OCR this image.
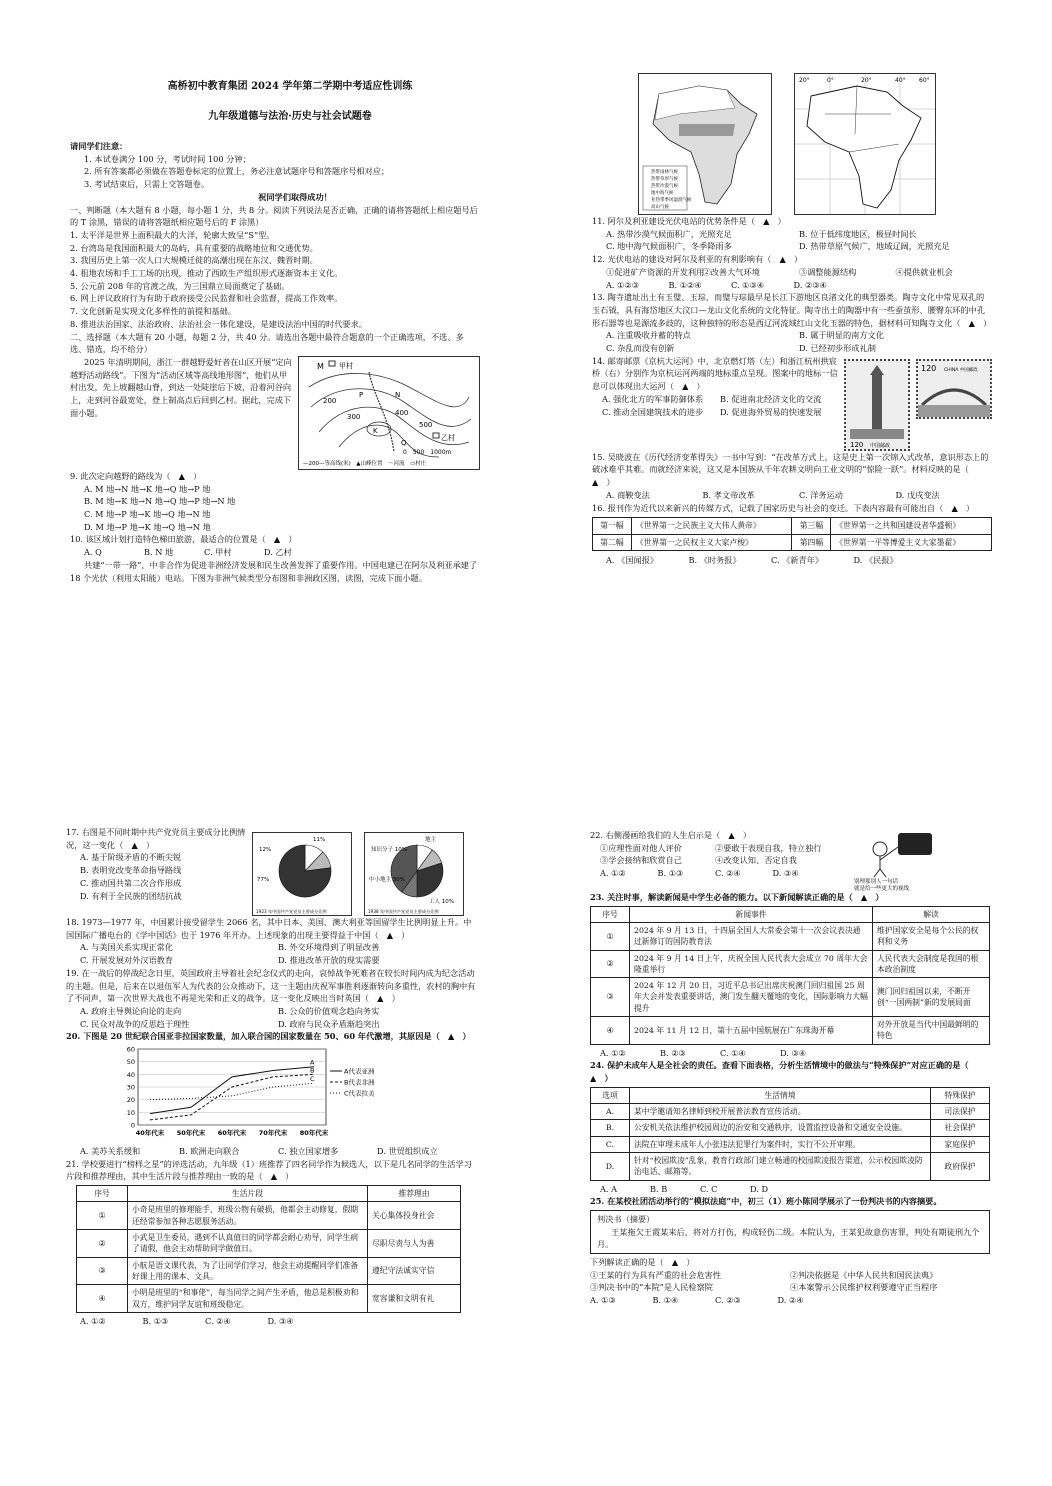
高桥初中教育集团 2024 学年第二学期中考适应性训练
九年级道德与法治·历史与社会试题卷
请同学们注意：
1. 本试卷满分 100 分，考试时间 100 分钟；
2. 所有答案都必须做在答题卷标定的位置上，务必注意试题序号和答题序号相对应；
3. 考试结束后，只需上交答题卷。
祝同学们取得成功！
一、判断题（本大题有 8 小题，每小题 1 分，共 8 分。阅读下列说法是否正确，正确的请将答题纸上相应题号后的 T 涂黑，错误的请将答题纸相应题号后的 F 涂黑）
1. 太平洋是世界上面积最大的大洋，轮廓大致呈“S”型。
2. 台湾岛是我国面积最大的岛屿，具有重要的战略地位和交通优势。
3. 我国历史上第一次人口大规模迁徙的高潮出现在东汉、魏晋时期。
4. 租地农场和手工工场的出现，推动了西欧生产组织形式逐渐资本主义化。
5. 公元前 208 年的官渡之战，为三国鼎立局面奠定了基础。
6. 网上评议政府行为有助于政府接受公民监督和社会监督，提高工作效率。
7. 文化创新是实现文化多样性的前提和基础。
8. 推进法治国家、法治政府、法治社会一体化建设，是建设法治中国的时代要求。
二、选择题（本大题有 20 小题，每题 2 分，共 40 分。请选出各题中最符合题意的一个正确选项，不选、多选、错选，均不给分）
2025 年清明期间，浙江一群越野爱好者在山区开展“定向越野活动路线”。下图为“活动区域等高线地形图”，他们从甲村出发，先上坡翻越山脊，到达一处陡崖后下坡，沿着河谷向上，走到河谷最宽处，登上制高点后回到乙村。据此，完成下面小题。
M 甲村
乙村
200
300	400
500
K
N
P
Q
0　500　1000m
—200—等高线(米)　▲山峰位置　～河流　▭村庄
9. 此次定向越野的路线为（　▲　）
A. M 地→N 地→K 地→Q 地→P 地
B. M 地→K 地→N 地→Q 地→P 地→N 地
C. M 地→P 地→K 地→Q 地→N 地
D. M 地→P 地→K 地→Q 地→N 地
10. 该区域计划打造特色梯田旅游，最适合的位置是（　▲　）
A. Q	B. N 地	C. 甲村	D. 乙村
共建“一带一路”，中非合作为促进非洲经济发展和民生改善发挥了重要作用。中国电建已在阿尔及利亚承建了 18 个光伏（利用太阳能）电站。下图为非洲气候类型分布图和非洲政区图，读图，完成下面小题。
热带雨林气候
热带草原气候
热带沙漠气候
地中海气候
亚热带季风湿润气候
高山气候
20°	0°	20°	40° 60°
11. 阿尔及利亚建设光伏电站的优势条件是（　▲　）
A. 热带沙漠气候面积广，光照充足	B. 位于低纬度地区，极昼时间长
C. 地中海气候面积广，冬季降雨多	D. 热带草原气候广，地域辽阔，光照充足
12. 光伏电站的建设对阿尔及利亚的有利影响有（　▲　）
①促进矿产资源的开发利用
②改善大气环境	③调整能源结构	④提供就业机会
A. ①②③	B. ①②④	C. ①③④	D. ②③④
13. 陶寺遗址出土有玉璧、玉琮，而璧与琮最早是长江下游地区良渚文化的典型器类。陶寺文化中常见双孔的玉石钺，具有海岱地区大汶口—龙山文化系统的文化特征。陶寺出土的陶器中有一些蚕茧形、腰臀东环的中孔形石器等也是源流多歧的，这种独特的形态是西辽河流域红山文化玉器的特色，据材料可知陶寺文化（　▲　）
A. 注重吸收并蓄的特点	B. 属于明显的南方文化
C. 杂乱而没有创新	D. 已经初步形成礼制
14. 邮寄邮票《京杭大运河》中，北京燃灯塔（左）和浙江杭州拱宸桥（右）分别作为京杭运河两端的地标重点呈现。图案中的地标一信息可以体现出大运河（　▲　）
A. 强化北方的军事防御体系	B. 促进南北经济文化的交流
C. 推动全国建筑技术的进步	D. 促进海外贸易的快速发展
120 中国邮政
120 CHINA 中国邮政
15. 吴晓波在《历代经济变革得失》一书中写到：“在改革方式上，这是史上第一次锦入式改革，意识形态上的破冰难乎其难。而就经济来说，这又是本国族从千年农耕文明向工业文明的“惊险一跃”。材料反映的是（　▲　）
A. 商鞅变法	B. 孝文帝改革	C. 洋务运动	D. 戊戌变法
16. 报刊作为近代以来新兴的传媒方式，记载了国家历史与社会的变迁。下表内容最有可能出自（　▲　）
第一幅	《世界第一之民族主义大伟人黄帝》	第三幅	《世界第一之共和国建设者华盛顿》
第二幅	《世界第一之民权主义大家卢梭》	第四幅	《世界第一平等博爱主义大家墨翟》
A. 《国闻报》	B. 《时务报》	C. 《新青年》	D. 《民报》
17. 右图是不同时期中共产党党员主要成分比例情况，这一变化（　▲　）
A. 基于阶级矛盾的不断尖锐
B. 表明党改变革命指导路线
C. 推动国共第二次合作形成
D. 有利于全民族的团结抗战
12%
11%
77%
1923 年中国共产党党员主要成分比例
知识分子 10%
地主
中小地主 30%
工人 10%
1938 年中国共产党党员主要成分比例
18. 1973—1977 年，中国累计接受留学生 2066 名，其中日本、美国、澳大利亚等国留学生比例明显上升。中国国际广播电台的《学中国话》也于 1976 年开办。上述现象的出现主要得益于中国（　▲　）
A. 与美国关系实现正常化	B. 外交环境得到了明显改善
C. 开展发展对外汉语教育	D. 推进改革开放的现实需要
19. 在一战后的停战纪念日里，英国政府主导着社会纪念仪式的走向，哀悼战争死难者在较长时间内成为纪念活动的主题。但是，后来在以退伍军人为代表的公众推动下，这一主题由庆祝军事胜利逐渐转向多重性，农村的胸中有了不同声，第一次世界大战也不再是光荣和正义的战争。这一变化反映出当时英国（　▲　）
A. 政府主导舆论向论的走向	B. 公众的价值观念趋向务实
C. 民众对战争的反思趋于理性	D. 政府与民众矛盾渐趋突出
20. 下图是 20 世纪联合国亚非拉国家数量，加入联合国的国家数量在 50、60 年代激增，其原因是（　▲　）
0
10
20
30
40
50
60
40年代末 50年代末 60年代末 70年代末 80年代末
A
A代表亚洲
B
B代表非洲
C
C代表拉美
A. 美苏关系缓和	B. 欧洲走向联合	C. 独立国家增多	D. 世贸组织成立
21. 学校要进行“榜样之星”的评选活动，九年级（1）班推荐了四名同学作为候选人，以下是几名同学的生活学习片段和推荐理由，其中生活片段与推荐理由一致的是（　▲　）
序号	生活片段	推荐理由
①	小奇是班里的修理能手，班级公物有破损，他都会主动修复，假期还经常参加各种志愿服务活动。	关心集体投身社会
②	小武是卫生委员，遇到不认真值日的同学都会耐心劝导，同学生病了请假，他会主动帮助同学做值日。	尽职尽责与人为善
③	小航是语文课代表，为了让同学们学习，他会主动提醒同学们准备好课上用的课本、文具。	遵纪守法诚实守信
④	小明是班里的“和事佬”，每当同学之间产生矛盾，他总是积极劝和双方，维护同学友谊和班级稳定。	宽容谦和文明有礼
A. ①②	B. ①③	C. ②④	D. ③④
22. 右侧漫画给我们的人生启示是（　▲　）
①应理性面对他人评价	②要敢于表现自我，特立独行
③学会接纳和欣赏自己	④改变认知、否定自我
A. ①②	B. ①③	C. ②④	D. ③④
别理那别人一句话
就是给一些更大的视线
23. 关注时事，解读新闻是中学生必备的能力。以下新闻解读正确的是（　▲　）
序号	新闻事件	解读
①	2024 年 9 月 13 日，十四届全国人大常委会第十一次会议表决通过新修订的国防教育法	维护国家安全是每个公民的权利和义务
②	2024 年 9 月 14 日上午，庆祝全国人民代表大会成立 70 周年大会隆重举行	人民代表大会制度是我国的根本政治制度
③	2024 年 12 月 20 日，习近平总书记出席庆祝澳门回归祖国 25 周年大会并发表重要讲话，澳门发生翻天覆地的变化，国际影响力大幅提升	澳门回归祖国以来，不断开创“一国两制”新的发展局面
④	2024 年 11 月 12 日，第十五届中国航展在广东珠海开幕	对外开放是当代中国最鲜明的特色
A. ①②	B. ②③	C. ①④	D. ③④
24. 保护未成年人是全社会的责任。查看下面表格，分析生活情境中的做法与“特殊保护”对应正确的是（　▲　）
选项	生活情境	特殊保护
A.	某中学邀请知名律师到校开展普法教育宣传活动。	司法保护
B.	公安机关依法维护校园周边的治安和交通秩序，设置监控设备和交通安全设施。	社会保护
C.	法院在审理未成年人小张违法犯罪行为案件时，实行不公开审理。	家庭保护
D.	针对“校园欺凌”乱象，教育行政部门建立畅通的校园欺凌报告渠道，公示校园欺凌防治电话、邮箱等。	政府保护
A. A	B. B	C. C	D. D
25. 在某校社团活动举行的“模拟法庭”中，初三（1）班小陈同学展示了一份判决书的内容摘要。
判决书（摘要）
王某拖欠王霞某来后，将对方打伤，构成轻伤二级。本院认为，王某犯故意伤害罪，判处有期徒刑九个月。
下列解读正确的是（　▲　）
①王某的行为具有严重的社会危害性	②判决依据是《中华人民共和国民法典》
③判决书中的“本院”是人民检察院	④本案警示公民维护权利要遵守正当程序
A. ①③	B. ①④	C. ②③	D. ②④
